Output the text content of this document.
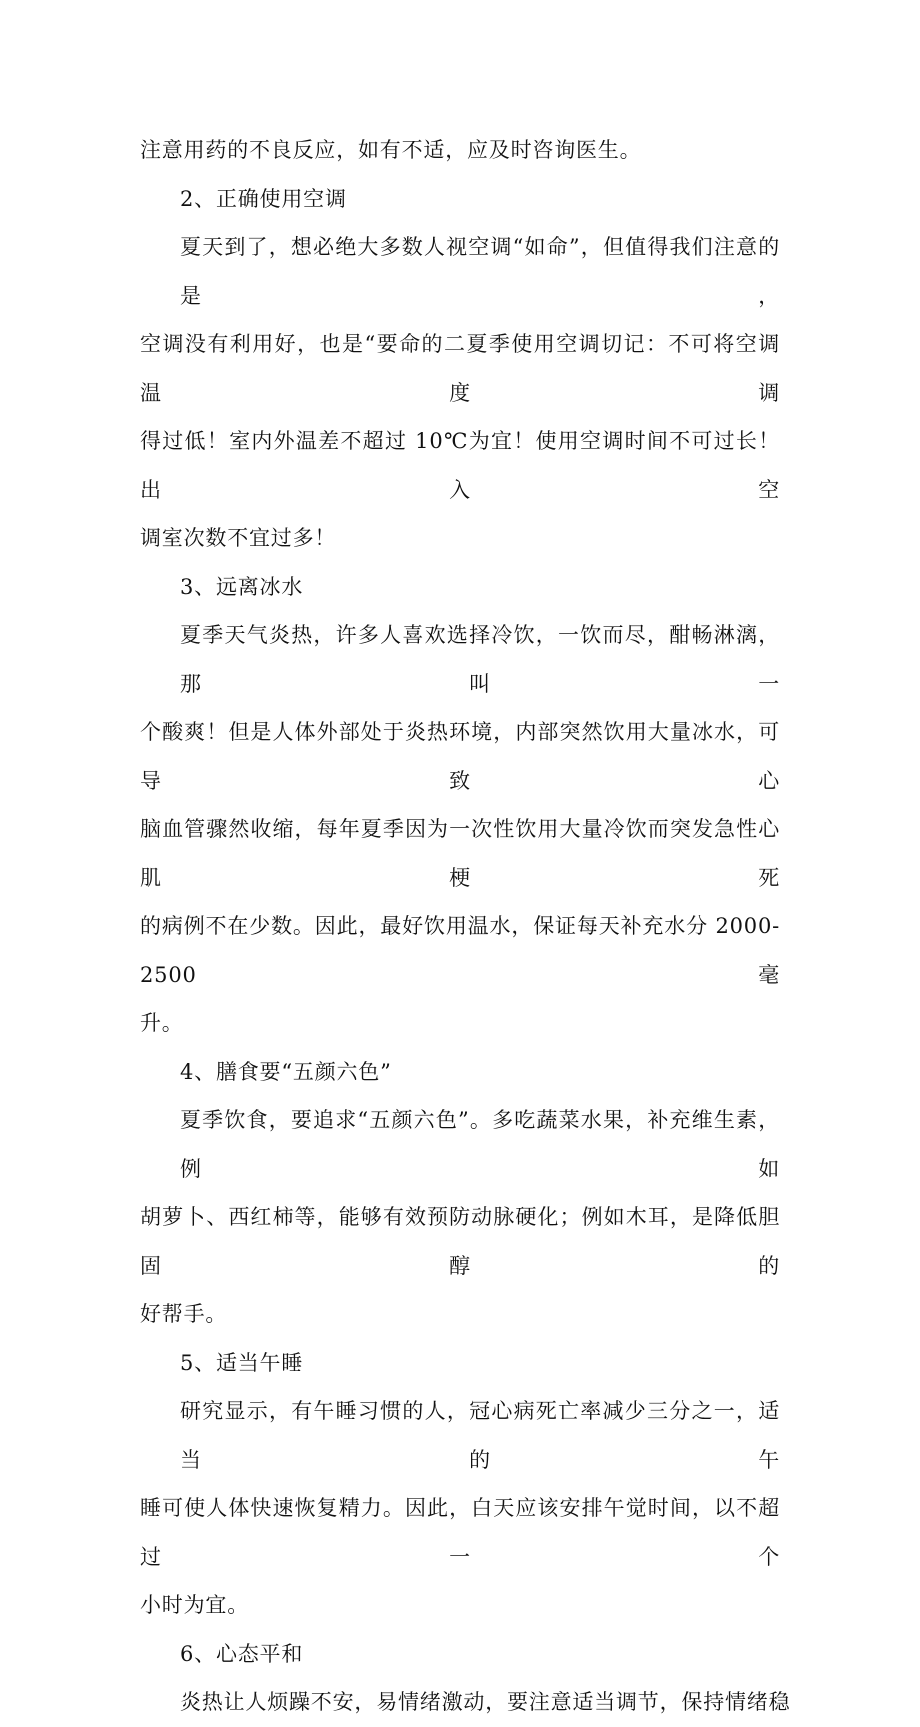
注意用药的不良反应，如有不适，应及时咨询医生。
2、正确使用空调
夏天到了，想必绝大多数人视空调“如命”，但值得我们注意的是，
空调没有利用好，也是“要命的二夏季使用空调切记：不可将空调温度调
得过低！室内外温差不超过 10℃为宜！使用空调时间不可过长！出入空
调室次数不宜过多！
3、远离冰水
夏季天气炎热，许多人喜欢选择冷饮，一饮而尽，酣畅淋漓，那叫一
个酸爽！但是人体外部处于炎热环境，内部突然饮用大量冰水，可导致心
脑血管骤然收缩，每年夏季因为一次性饮用大量冷饮而突发急性心肌梗死
的病例不在少数。因此，最好饮用温水，保证每天补充水分 2000-2500 毫
升。
4、膳食要“五颜六色”
夏季饮食，要追求“五颜六色”。多吃蔬菜水果，补充维生素，例如
胡萝卜、西红柿等，能够有效预防动脉硬化；例如木耳，是降低胆固醇的
好帮手。
5、适当午睡
研究显示，有午睡习惯的人，冠心病死亡率减少三分之一，适当的午
睡可使人体快速恢复精力。因此，白天应该安排午觉时间，以不超过一个
小时为宜。
6、心态平和
炎热让人烦躁不安，易情绪激动，要注意适当调节，保持情绪稳
